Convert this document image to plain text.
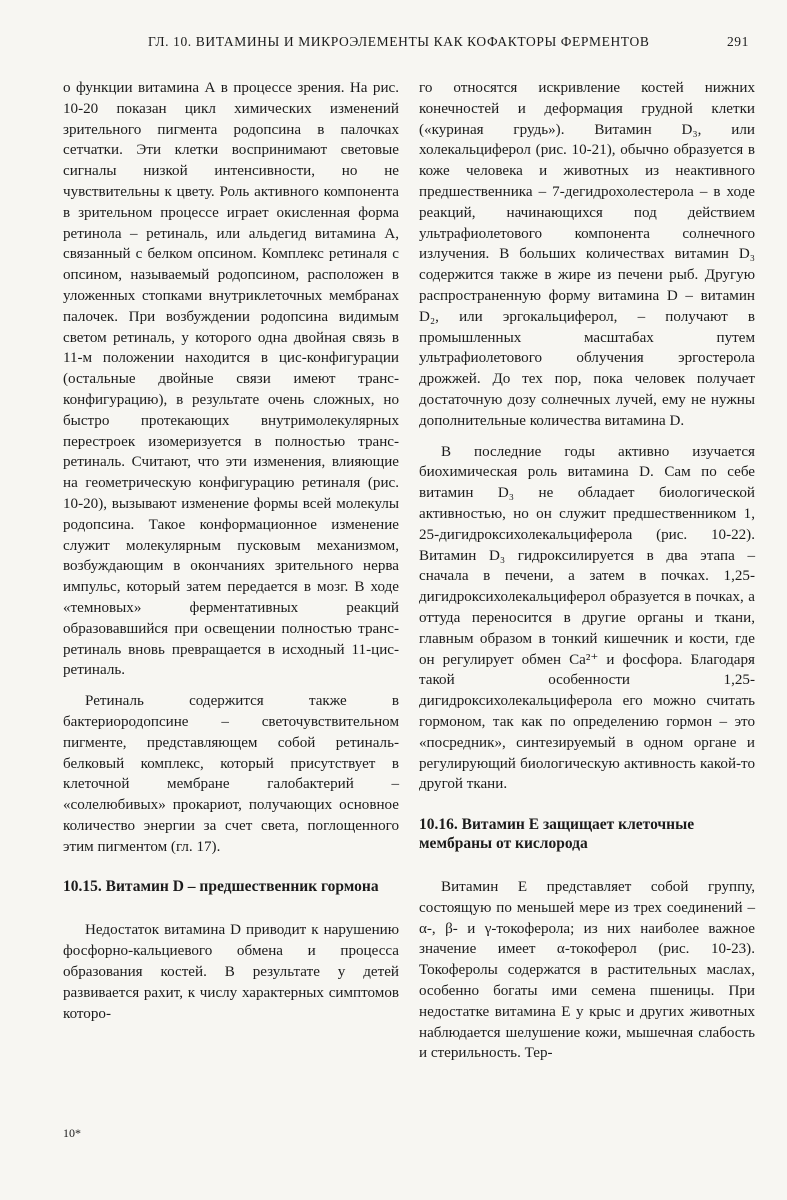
ГЛ. 10. ВИТАМИНЫ И МИКРОЭЛЕМЕНТЫ КАК КОФАКТОРЫ ФЕРМЕНТОВ	291

о функции витамина А в процессе зрения. На рис. 10-20 показан цикл химических изменений зрительного пигмента родопсина в палочках сетчатки. Эти клетки воспринимают световые сигналы низкой интенсивности, но не чувствительны к цвету. Роль активного компонента в зрительном процессе играет окисленная форма ретинола – ретиналь, или альдегид витамина А, связанный с белком опсином. Комплекс ретиналя с опсином, называемый родопсином, расположен в уложенных стопками внутриклеточных мембранах палочек. При возбуждении родопсина видимым светом ретиналь, у которого одна двойная связь в 11-м положении находится в цис-конфигурации (остальные двойные связи имеют транс-конфигурацию), в результате очень сложных, но быстро протекающих внутримолекулярных перестроек изомеризуется в полностью транс-ретиналь. Считают, что эти изменения, влияющие на геометрическую конфигурацию ретиналя (рис. 10-20), вызывают изменение формы всей молекулы родопсина. Такое конформационное изменение служит молекулярным пусковым механизмом, возбуждающим в окончаниях зрительного нерва импульс, который затем передается в мозг. В ходе «темновых» ферментативных реакций образовавшийся при освещении полностью транс-ретиналь вновь превращается в исходный 11-цис-ретиналь.

Ретиналь содержится также в бактериородопсине – светочувствительном пигменте, представляющем собой ретиналь-белковый комплекс, который присутствует в клеточной мембране галобактерий – «солелюбивых» прокариот, получающих основное количество энергии за счет света, поглощенного этим пигментом (гл. 17).

10.15. Витамин D – предшественник гормона

Недостаток витамина D приводит к нарушению фосфорно-кальциевого обмена и процесса образования костей. В результате у детей развивается рахит, к числу характерных симптомов которо-

го относятся искривление костей нижних конечностей и деформация грудной клетки («куриная грудь»). Витамин D₃, или холекальциферол (рис. 10-21), обычно образуется в коже человека и животных из неактивного предшественника – 7-дегидрохолестерола – в ходе реакций, начинающихся под действием ультрафиолетового компонента солнечного излучения. В больших количествах витамин D₃ содержится также в жире из печени рыб. Другую распространенную форму витамина D – витамин D₂, или эргокальциферол, – получают в промышленных масштабах путем ультрафиолетового облучения эргостерола дрожжей. До тех пор, пока человек получает достаточную дозу солнечных лучей, ему не нужны дополнительные количества витамина D.

В последние годы активно изучается биохимическая роль витамина D. Сам по себе витамин D₃ не обладает биологической активностью, но он служит предшественником 1, 25-дигидроксихолекальциферола (рис. 10-22). Витамин D₃ гидроксилируется в два этапа – сначала в печени, а затем в почках. 1,25-дигидроксихолекальциферол образуется в почках, а оттуда переносится в другие органы и ткани, главным образом в тонкий кишечник и кости, где он регулирует обмен Ca²⁺ и фосфора. Благодаря такой особенности 1,25-дигидроксихолекальциферола его можно считать гормоном, так как по определению гормон – это «посредник», синтезируемый в одном органе и регулирующий биологическую активность какой-то другой ткани.

10.16. Витамин E защищает клеточные мембраны от кислорода

Витамин E представляет собой группу, состоящую по меньшей мере из трех соединений – α-, β- и γ-токоферола; из них наиболее важное значение имеет α-токоферол (рис. 10-23). Токоферолы содержатся в растительных маслах, особенно богаты ими семена пшеницы. При недостатке витамина E у крыс и других животных наблюдается шелушение кожи, мышечная слабость и стерильность. Тер-

10*
